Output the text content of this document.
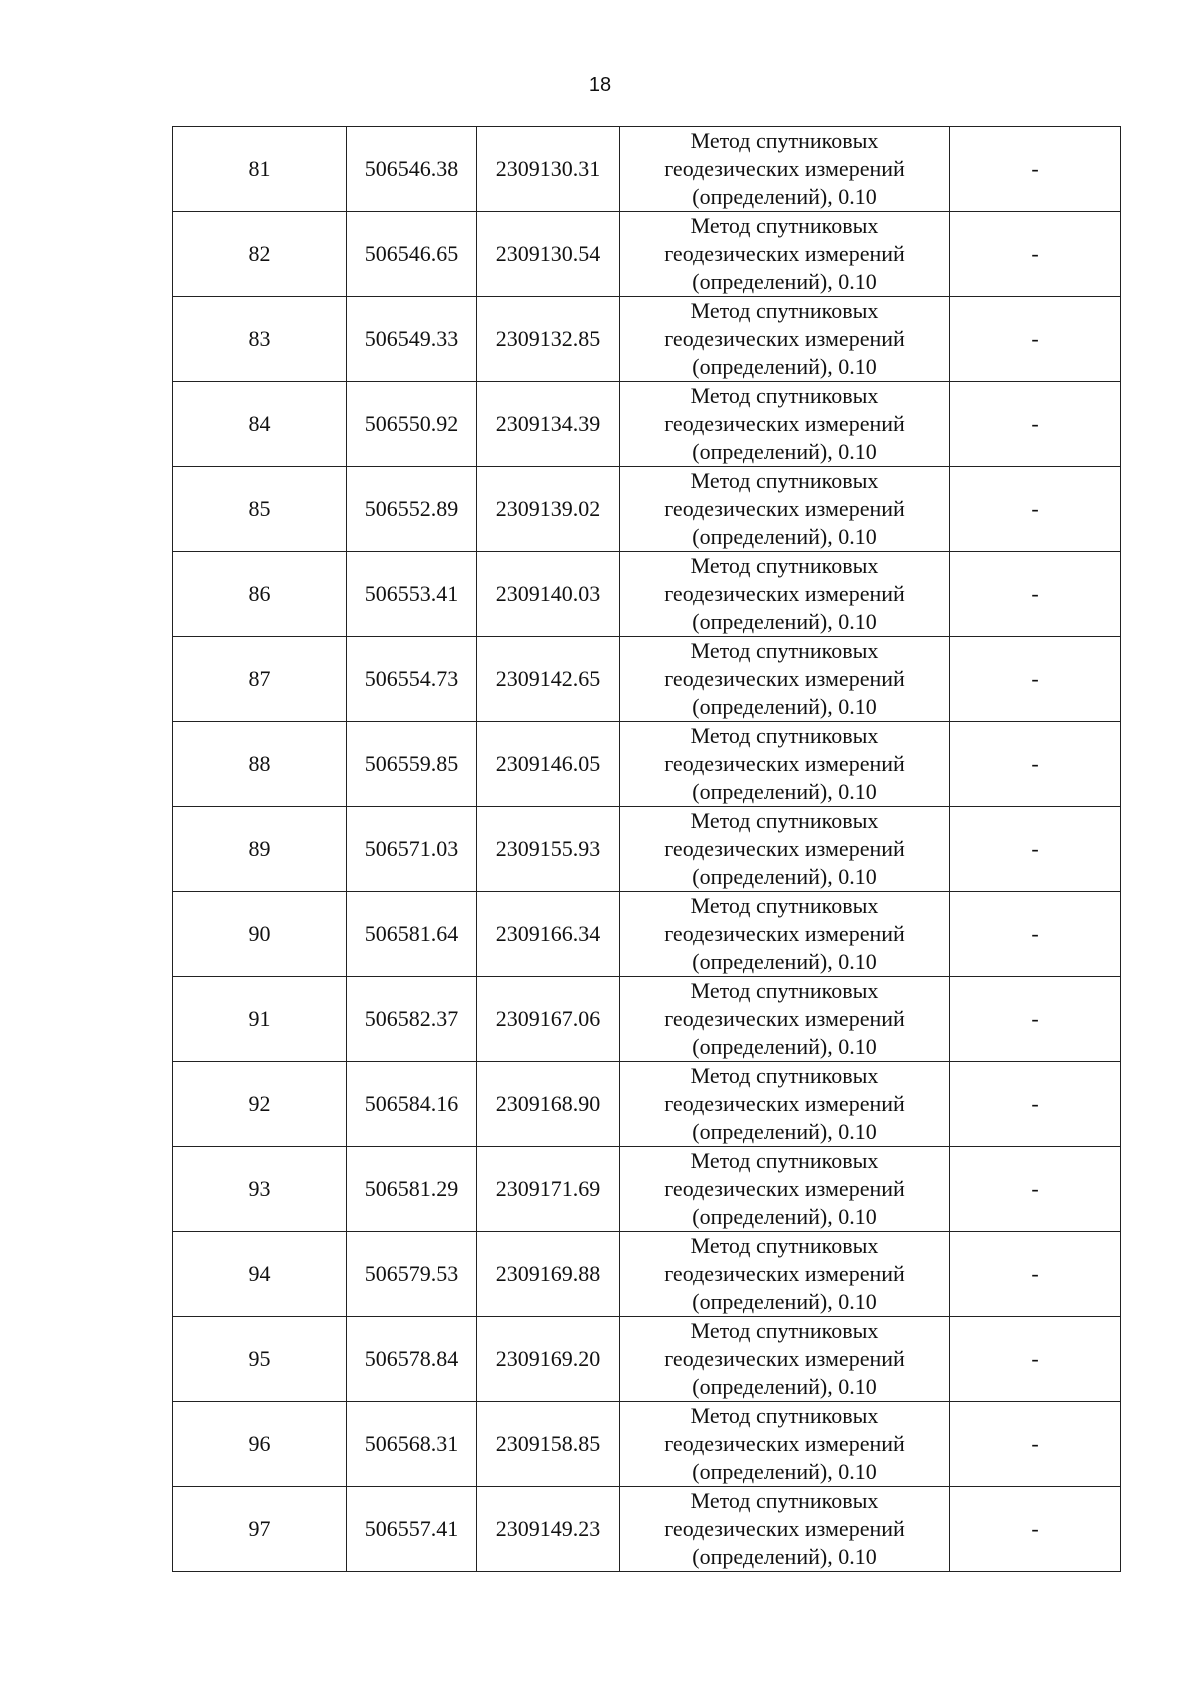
18
81	506546.38	2309130.31	Метод спутниковых
геодезических измерений
(определений), 0.10	-
82	506546.65	2309130.54	Метод спутниковых
геодезических измерений
(определений), 0.10	-
83	506549.33	2309132.85	Метод спутниковых
геодезических измерений
(определений), 0.10	-
84	506550.92	2309134.39	Метод спутниковых
геодезических измерений
(определений), 0.10	-
85	506552.89	2309139.02	Метод спутниковых
геодезических измерений
(определений), 0.10	-
86	506553.41	2309140.03	Метод спутниковых
геодезических измерений
(определений), 0.10	-
87	506554.73	2309142.65	Метод спутниковых
геодезических измерений
(определений), 0.10	-
88	506559.85	2309146.05	Метод спутниковых
геодезических измерений
(определений), 0.10	-
89	506571.03	2309155.93	Метод спутниковых
геодезических измерений
(определений), 0.10	-
90	506581.64	2309166.34	Метод спутниковых
геодезических измерений
(определений), 0.10	-
91	506582.37	2309167.06	Метод спутниковых
геодезических измерений
(определений), 0.10	-
92	506584.16	2309168.90	Метод спутниковых
геодезических измерений
(определений), 0.10	-
93	506581.29	2309171.69	Метод спутниковых
геодезических измерений
(определений), 0.10	-
94	506579.53	2309169.88	Метод спутниковых
геодезических измерений
(определений), 0.10	-
95	506578.84	2309169.20	Метод спутниковых
геодезических измерений
(определений), 0.10	-
96	506568.31	2309158.85	Метод спутниковых
геодезических измерений
(определений), 0.10	-
97	506557.41	2309149.23	Метод спутниковых
геодезических измерений
(определений), 0.10	-
